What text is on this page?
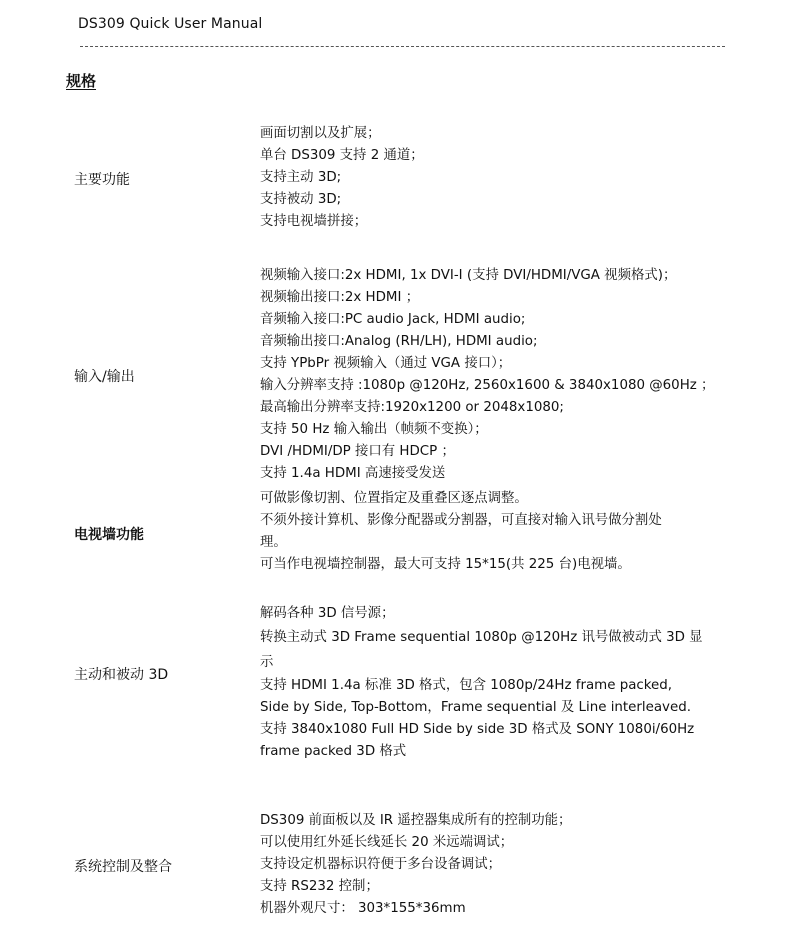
DS309 Quick User Manual
规格
主要功能
画面切割以及扩展；
单台 DS309 支持 2 通道；
支持主动 3D;
支持被动 3D;
支持电视墙拼接；
输入/输出
视频输入接口:2x HDMI, 1x DVI-I (支持 DVI/HDMI/VGA 视频格式)；
视频输出接口:2x HDMI ；
音频输入接口:PC audio Jack, HDMI audio;
音频输出接口:Analog (RH/LH), HDMI audio;
支持 YPbPr 视频输入（通过 VGA 接口）；
输入分辨率支持 :1080p @120Hz, 2560x1600 & 3840x1080 @60Hz ；
最高输出分辨率支持:1920x1200 or 2048x1080;
支持 50 Hz 输入输出（帧频不变换）；
DVI /HDMI/DP 接口有 HDCP ；
支持 1.4a HDMI 高速接受发送
电视墙功能
可做影像切割、位置指定及重叠区逐点调整。
不须外接计算机、影像分配器或分割器，可直接对输入讯号做分割处
理。
可当作电视墙控制器，最大可支持 15*15(共 225 台)电视墙。
主动和被动 3D
解码各种 3D 信号源；
转换主动式 3D Frame sequential 1080p @120Hz 讯号做被动式 3D 显
示
支持 HDMI 1.4a 标准 3D 格式，包含 1080p/24Hz frame packed,
Side by Side, Top-Bottom，Frame sequential 及 Line interleaved.
支持 3840x1080 Full HD Side by side 3D 格式及 SONY 1080i/60Hz
frame packed 3D 格式
系统控制及整合
DS309 前面板以及 IR 遥控器集成所有的控制功能；
可以使用红外延长线延长 20 米远端调试；
支持设定机器标识符便于多台设备调试；
支持 RS232 控制；
机器外观尺寸： 303*155*36mm
